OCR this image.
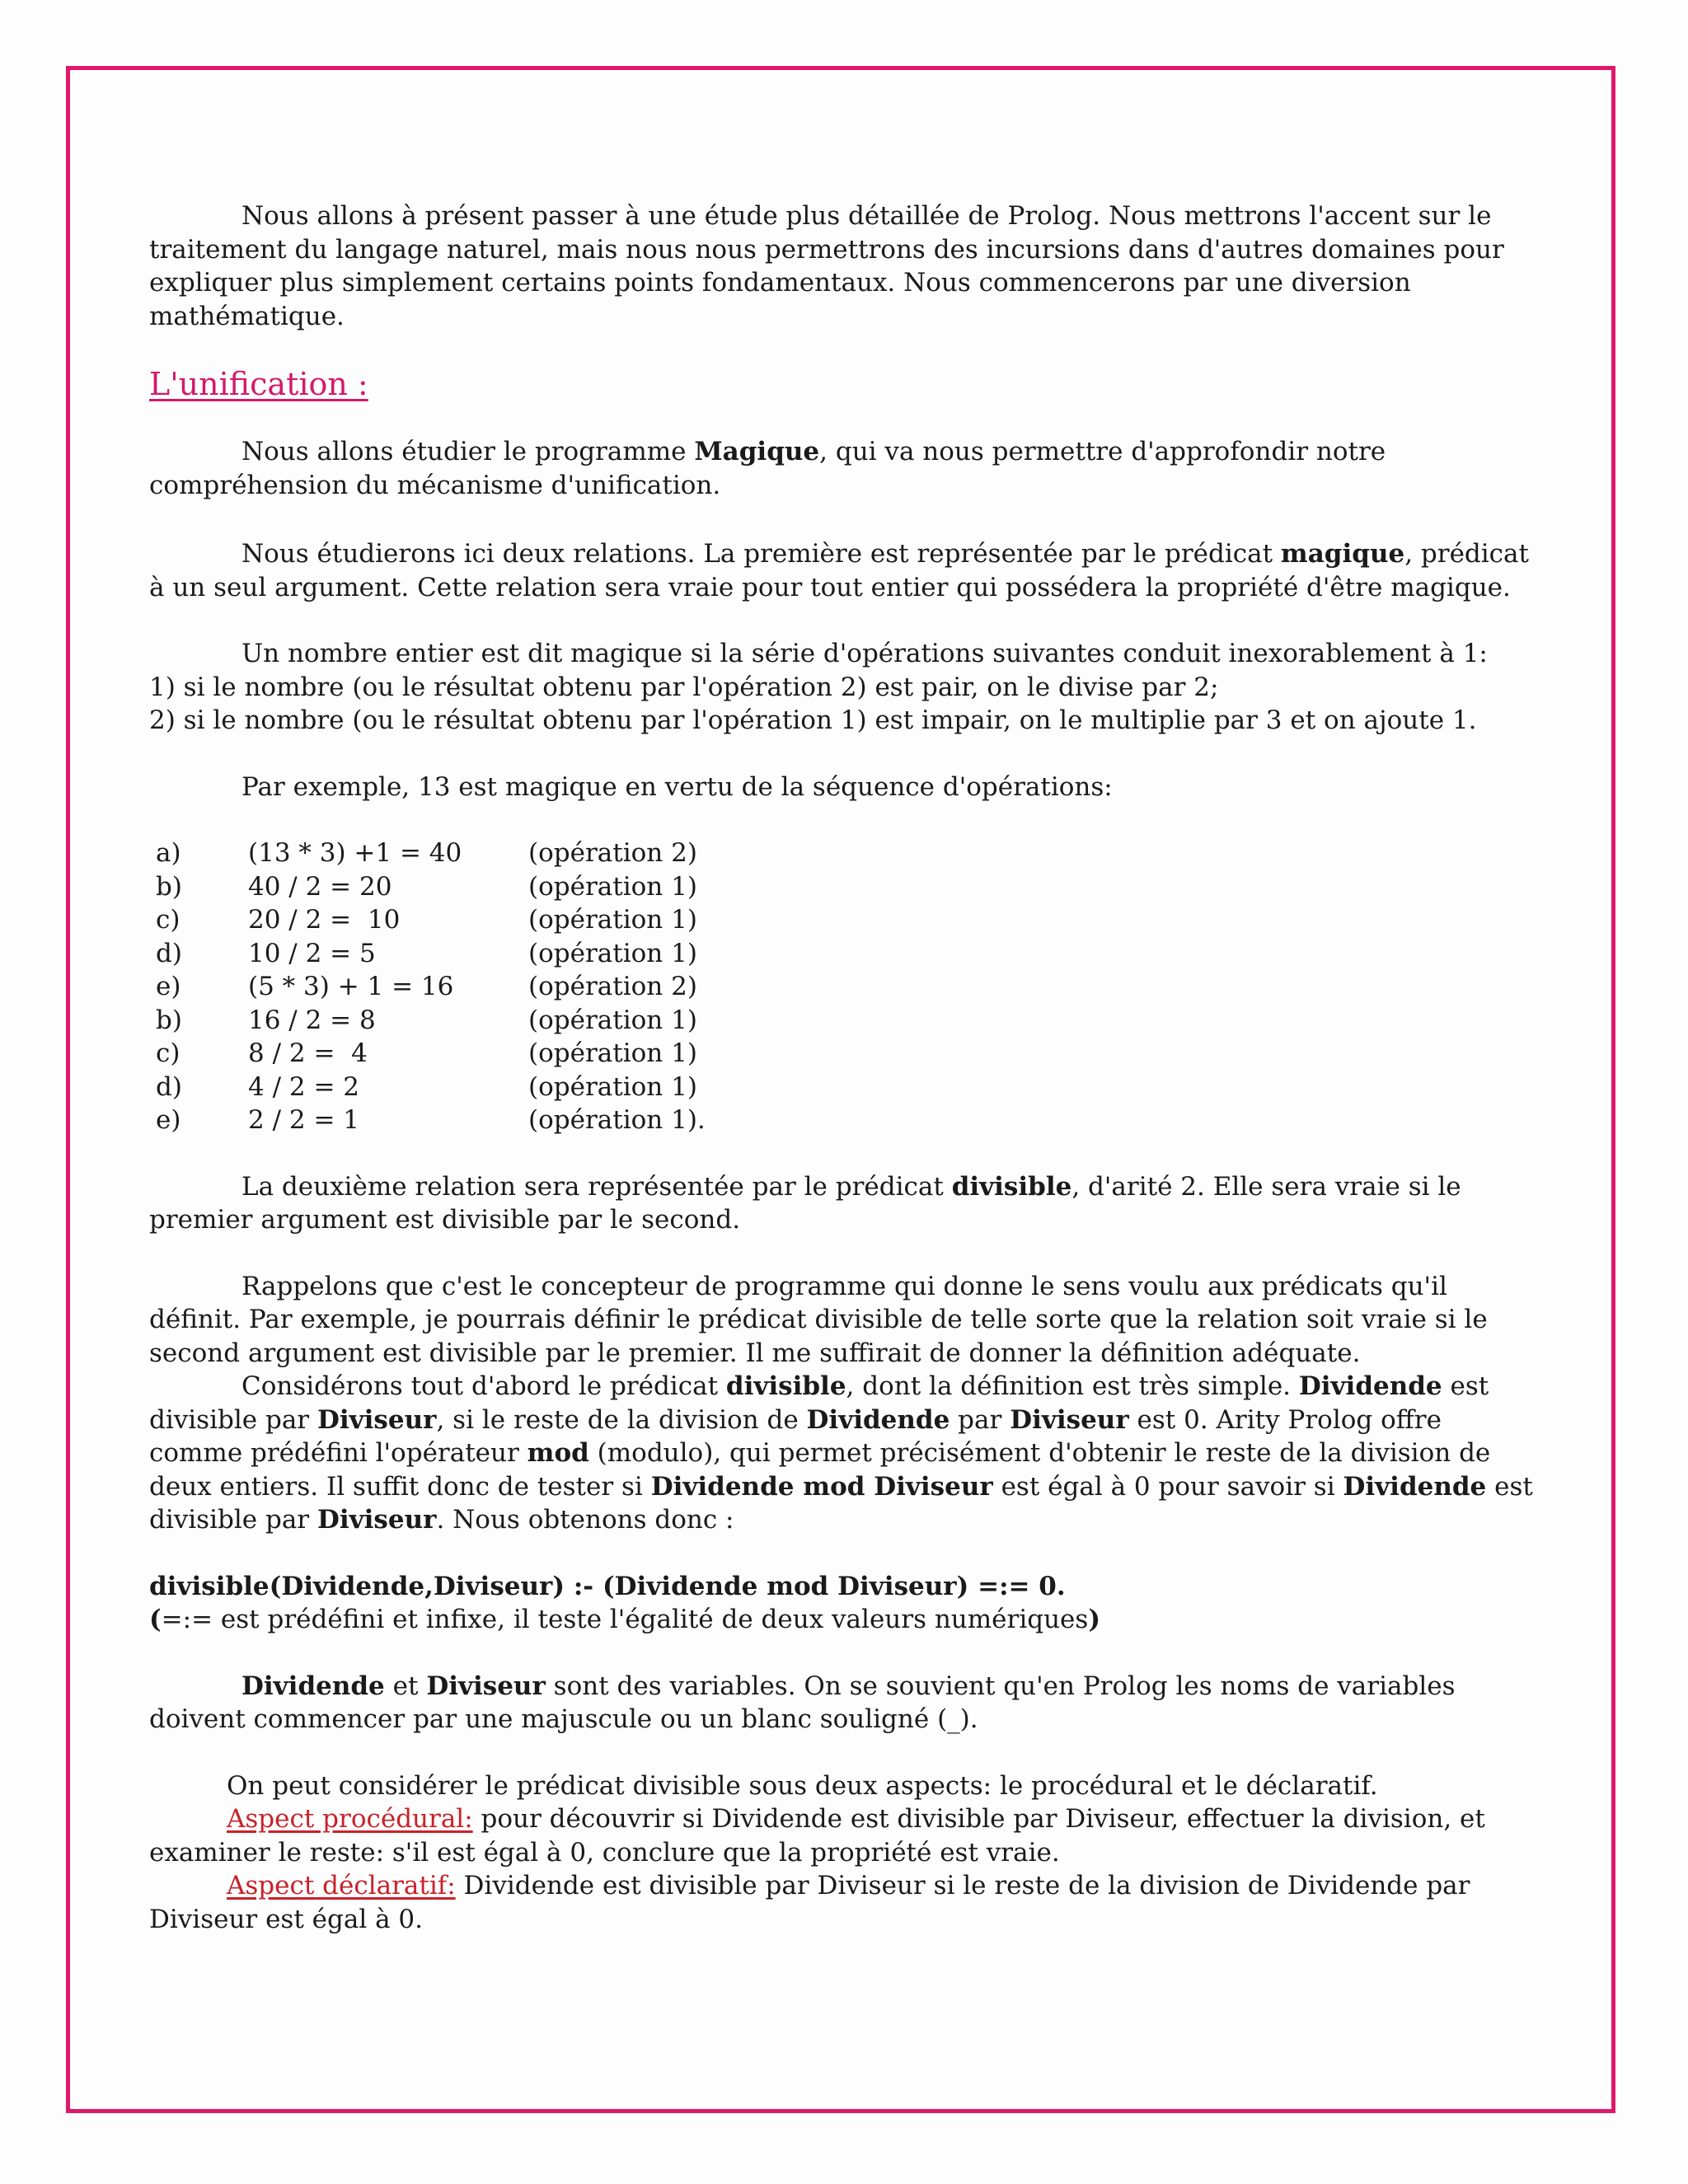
Nous allons à présent passer à une étude plus détaillée de Prolog. Nous mettrons l'accent sur le traitement du langage naturel, mais nous nous permettrons des incursions dans d'autres domaines pour expliquer plus simplement certains points fondamentaux. Nous commencerons par une diversion mathématique.

L'unification :

Nous allons étudier le programme Magique, qui va nous permettre d'approfondir notre compréhension du mécanisme d'unification.

Nous étudierons ici deux relations. La première est représentée par le prédicat magique, prédicat à un seul argument. Cette relation sera vraie pour tout entier qui possédera la propriété d'être magique.

Un nombre entier est dit magique si la série d'opérations suivantes conduit inexorablement à 1:

1) si le nombre (ou le résultat obtenu par l'opération 2) est pair, on le divise par 2;

2) si le nombre (ou le résultat obtenu par l'opération 1) est impair, on le multiplie par 3 et on ajoute 1.

Par exemple, 13 est magique en vertu de la séquence d'opérations:

a)	(13 * 3) +1 = 40	(opération 2)
b)	40 / 2 = 20	(opération 1)
c)	20 / 2 =  10	(opération 1)
d)	10 / 2 = 5	(opération 1)
e)	(5 * 3) + 1 = 16	(opération 2)
b)	16 / 2 = 8	(opération 1)
c)	8 / 2 =  4	(opération 1)
d)	4 / 2 = 2	(opération 1)
e)	2 / 2 = 1	(opération 1).

La deuxième relation sera représentée par le prédicat divisible, d'arité 2. Elle sera vraie si le premier argument est divisible par le second.

Rappelons que c'est le concepteur de programme qui donne le sens voulu aux prédicats qu'il définit. Par exemple, je pourrais définir le prédicat divisible de telle sorte que la relation soit vraie si le second argument est divisible par le premier. Il me suffirait de donner la définition adéquate.

Considérons tout d'abord le prédicat divisible, dont la définition est très simple. Dividende est divisible par Diviseur, si le reste de la division de Dividende par Diviseur est 0. Arity Prolog offre comme prédéfini l'opérateur mod (modulo), qui permet précisément d'obtenir le reste de la division de deux entiers. Il suffit donc de tester si Dividende mod Diviseur est égal à 0 pour savoir si Dividende est divisible par Diviseur. Nous obtenons donc :

divisible(Dividende,Diviseur) :- (Dividende mod Diviseur) =:= 0.

(=:= est prédéfini et infixe, il teste l'égalité de deux valeurs numériques)

Dividende et Diviseur sont des variables. On se souvient qu'en Prolog les noms de variables doivent commencer par une majuscule ou un blanc souligné (_).

On peut considérer le prédicat divisible sous deux aspects: le procédural et le déclaratif.

Aspect procédural: pour découvrir si Dividende est divisible par Diviseur, effectuer la division, et examiner le reste: s'il est égal à 0, conclure que la propriété est vraie.

Aspect déclaratif: Dividende est divisible par Diviseur si le reste de la division de Dividende par Diviseur est égal à 0.
